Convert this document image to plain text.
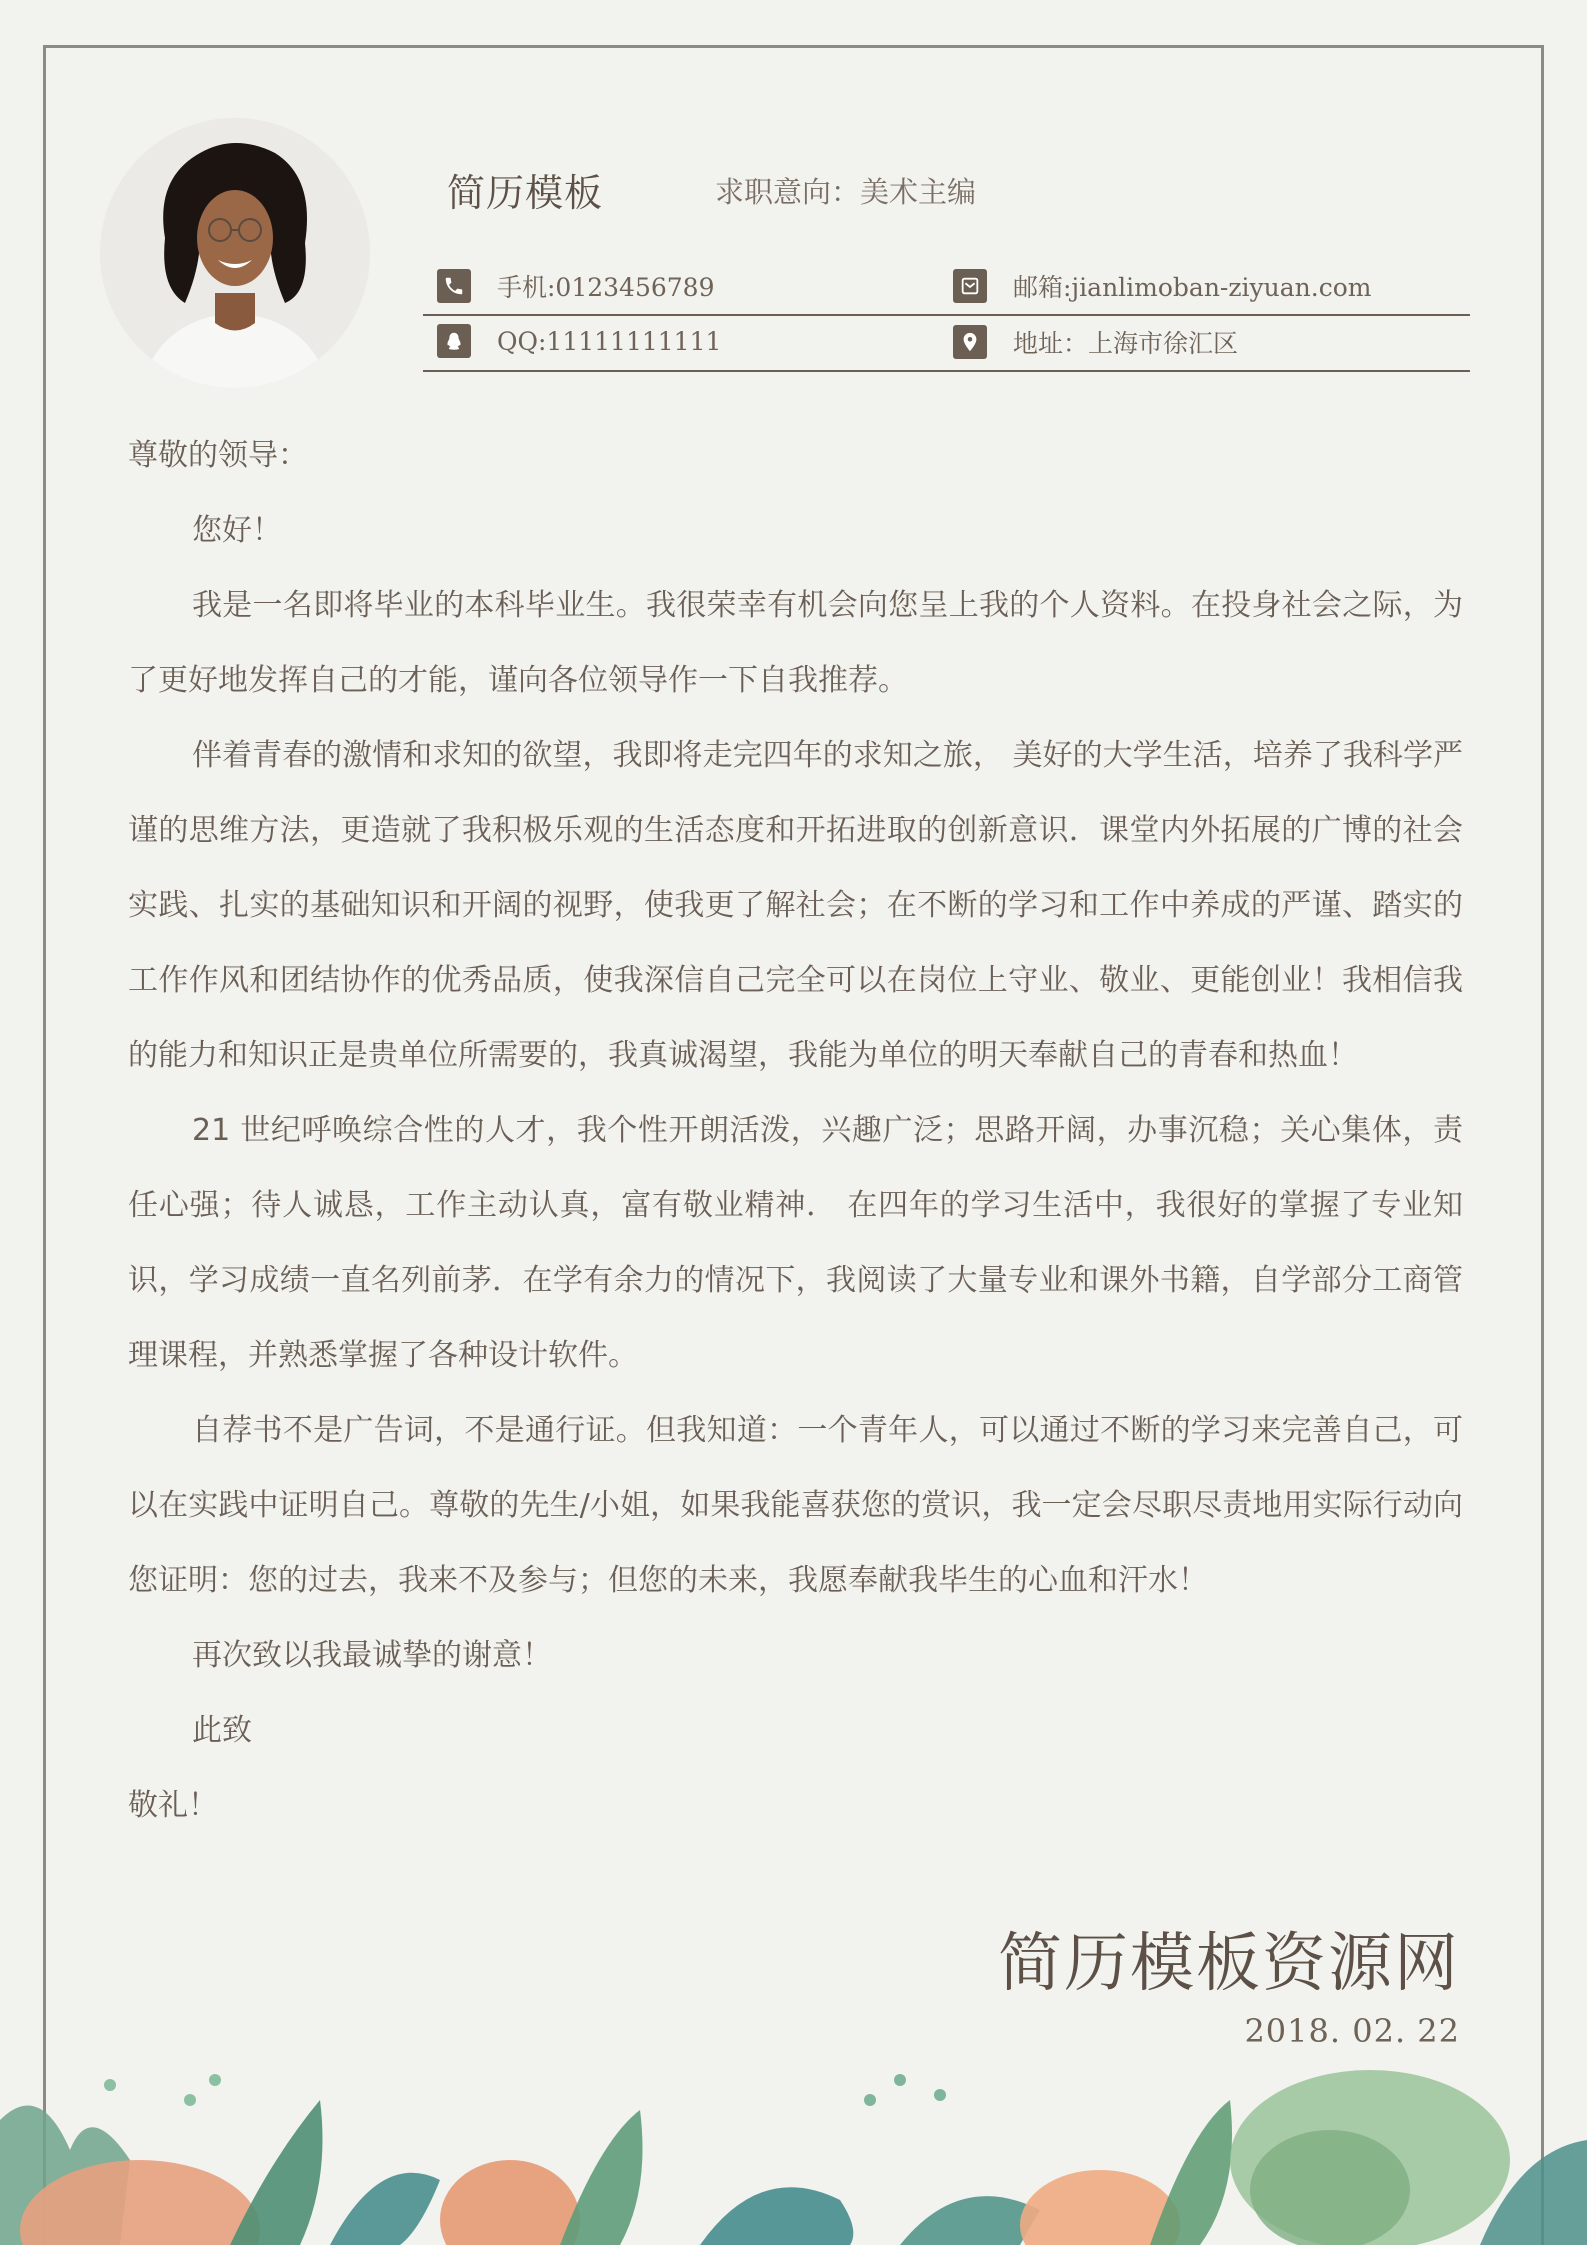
简历模板	求职意向：美术主编
手机:0123456789	邮箱:jianlimoban-ziyuan.com
QQ:11111111111	地址：上海市徐汇区

尊敬的领导：

您好！

我是一名即将毕业的本科毕业生。我很荣幸有机会向您呈上我的个人资料。在投身社会之际，为了更好地发挥自己的才能，谨向各位领导作一下自我推荐。

伴着青春的激情和求知的欲望，我即将走完四年的求知之旅， 美好的大学生活，培养了我科学严谨的思维方法，更造就了我积极乐观的生活态度和开拓进取的创新意识．课堂内外拓展的广博的社会实践、扎实的基础知识和开阔的视野，使我更了解社会；在不断的学习和工作中养成的严谨、踏实的工作作风和团结协作的优秀品质，使我深信自己完全可以在岗位上守业、敬业、更能创业！我相信我的能力和知识正是贵单位所需要的，我真诚渴望，我能为单位的明天奉献自己的青春和热血！

21 世纪呼唤综合性的人才，我个性开朗活泼，兴趣广泛；思路开阔，办事沉稳；关心集体，责任心强；待人诚恳，工作主动认真，富有敬业精神． 在四年的学习生活中，我很好的掌握了专业知识，学习成绩一直名列前茅．在学有余力的情况下，我阅读了大量专业和课外书籍，自学部分工商管理课程，并熟悉掌握了各种设计软件。

自荐书不是广告词，不是通行证。但我知道：一个青年人，可以通过不断的学习来完善自己，可以在实践中证明自己。尊敬的先生/小姐，如果我能喜获您的赏识，我一定会尽职尽责地用实际行动向您证明：您的过去，我来不及参与；但您的未来，我愿奉献我毕生的心血和汗水！

再次致以我最诚挚的谢意！

此致

敬礼！

简历模板资源网
2018. 02. 22
